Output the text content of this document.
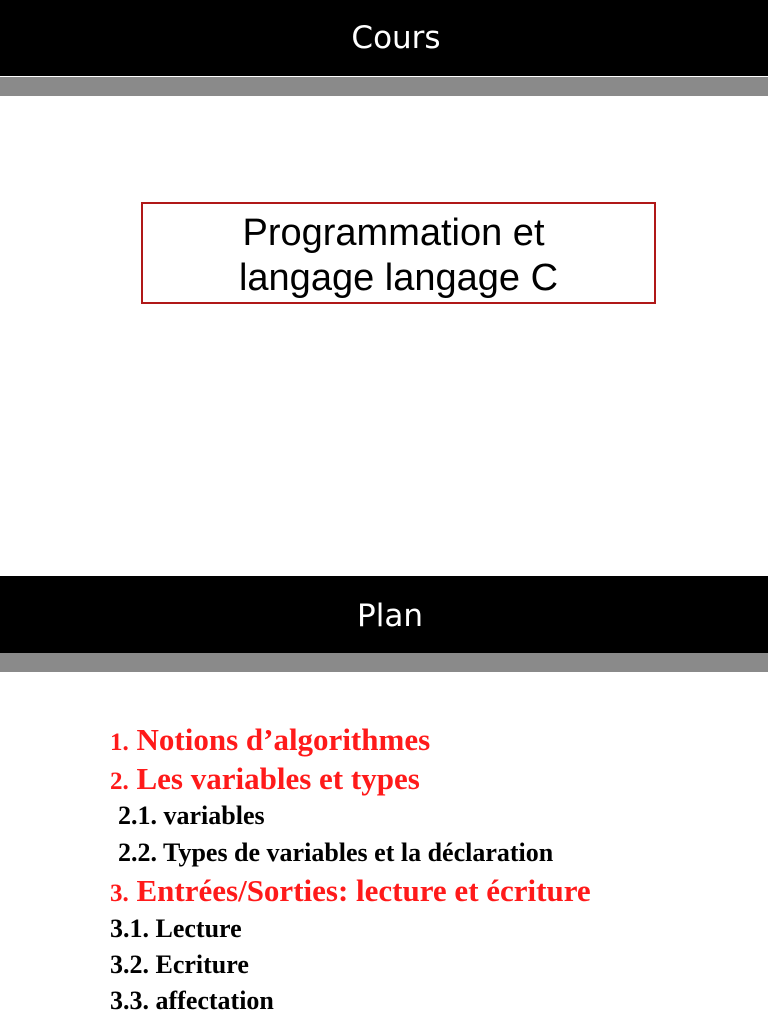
Cours
Programmation et
langage langage C
Plan
1. Notions d’algorithmes
2. Les variables et types
2.1. variables
2.2. Types de variables et la déclaration
3. Entrées/Sorties: lecture et écriture
3.1. Lecture
3.2. Ecriture
3.3. affectation
